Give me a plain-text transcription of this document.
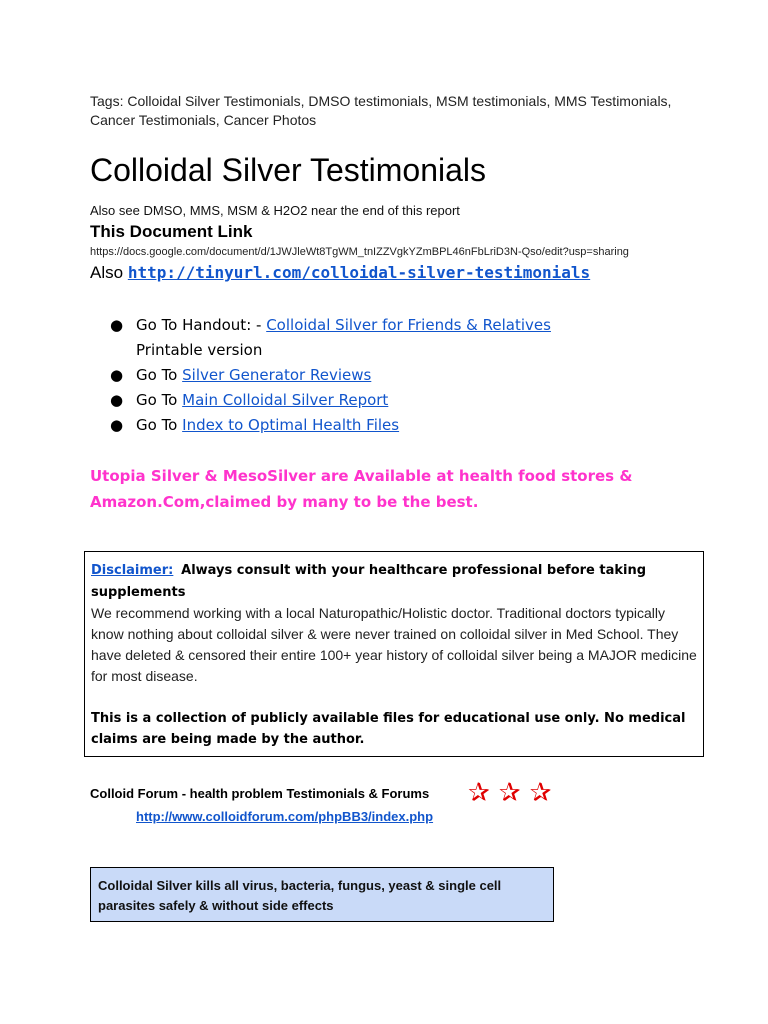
Tags: Colloidal Silver Testimonials, DMSO testimonials, MSM testimonials, MMS Testimonials, Cancer Testimonials, Cancer Photos
Colloidal Silver Testimonials
Also see DMSO, MMS, MSM & H2O2 near the end of this report
This Document Link
https://docs.google.com/document/d/1JWJleWt8TgWM_tnIZZVgkYZmBPL46nFbLriD3N-Qso/edit?usp=sharing
Also http://tinyurl.com/colloidal-silver-testimonials
● Go To Handout: - Colloidal Silver for Friends & Relatives
Printable version
● Go To Silver Generator Reviews
● Go To Main Colloidal Silver Report
● Go To Index to Optimal Health Files
Utopia Silver & MesoSilver are Available at health food stores & Amazon.Com,claimed by many to be the best.

Disclaimer: Always consult with your healthcare professional before taking supplements

We recommend working with a local Naturopathic/Holistic doctor. Traditional doctors typically know nothing about colloidal silver & were never trained on colloidal silver in Med School. They have deleted & censored their entire 100+ year history of colloidal silver being a MAJOR medicine for most disease.

This is a collection of publicly available files for educational use only. No medical claims are being made by the author.

Colloid Forum - health problem Testimonials & Forums ✰✰✰
http://www.colloidforum.com/phpBB3/index.php
Colloidal Silver kills all virus, bacteria, fungus, yeast & single cell parasites safely & without side effects
